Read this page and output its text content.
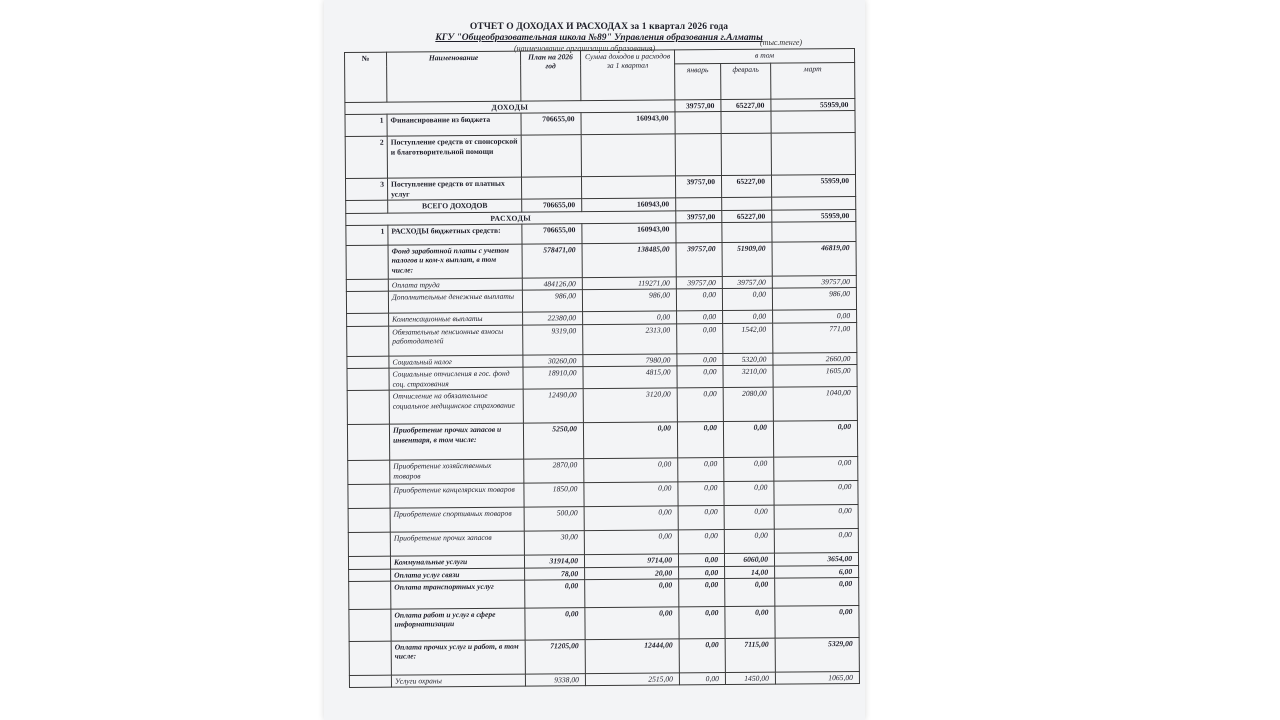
ОТЧЕТ О ДОХОДАХ И РАСХОДАХ за 1 квартал 2026 года
КГУ "Общеобразовательная школа №89" Управления образования г.Алматы
(наименование организации образования)
(тыс.тенге)
№	Наименование	План на 2026 год	Сумма доходов и расходов за 1 квартал	в том		
				январь	февраль	март
ДОХОДЫ				39757,00	65227,00	55959,00
1	Финансирование из бюджета	706655,00	160943,00			
2	Поступление средств от спонсорской и благотворительной помощи					
3	Поступление средств от платных услуг			39757,00	65227,00	55959,00
	ВСЕГО ДОХОДОВ	706655,00	160943,00			
РАСХОДЫ				39757,00	65227,00	55959,00
1	РАСХОДЫ бюджетных средств:	706655,00	160943,00			
	Фонд заработной платы с учетом налогов и ком-х выплат, в том числе:	578471,00	138485,00	39757,00	51909,00	46819,00
	Оплата труда	484126,00	119271,00	39757,00	39757,00	39757,00
	Дополнительные денежные выплаты	986,00	986,00	0,00	0,00	986,00
	Компенсационные выплаты	22380,00	0,00	0,00	0,00	0,00
	Обязательные пенсионные взносы работодателей	9319,00	2313,00	0,00	1542,00	771,00
	Социальный налог	30260,00	7980,00	0,00	5320,00	2660,00
	Социальные отчисления в гос. фонд соц. страхования	18910,00	4815,00	0,00	3210,00	1605,00
	Отчисление на обязательное социальное медицинское страхование	12490,00	3120,00	0,00	2080,00	1040,00
	Приобретение прочих запасов и инвентаря, в том числе:	5250,00	0,00	0,00	0,00	0,00
	Приобретение хозяйственных товаров	2870,00	0,00	0,00	0,00	0,00
	Приобретение канцелярских товаров	1850,00	0,00	0,00	0,00	0,00
	Приобретение спортивных товаров	500,00	0,00	0,00	0,00	0,00
	Приобретение прочих запасов	30,00	0,00	0,00	0,00	0,00
	Коммунальные услуги	31914,00	9714,00	0,00	6060,00	3654,00
	Оплата услуг связи	78,00	20,00	0,00	14,00	6,00
	Оплата транспортных услуг	0,00	0,00	0,00	0,00	0,00
	Оплата работ и услуг в сфере информатизации	0,00	0,00	0,00	0,00	0,00
	Оплата прочих услуг и работ, в том числе:	71205,00	12444,00	0,00	7115,00	5329,00
	Услуги охраны	9338,00	2515,00	0,00	1450,00	1065,00
